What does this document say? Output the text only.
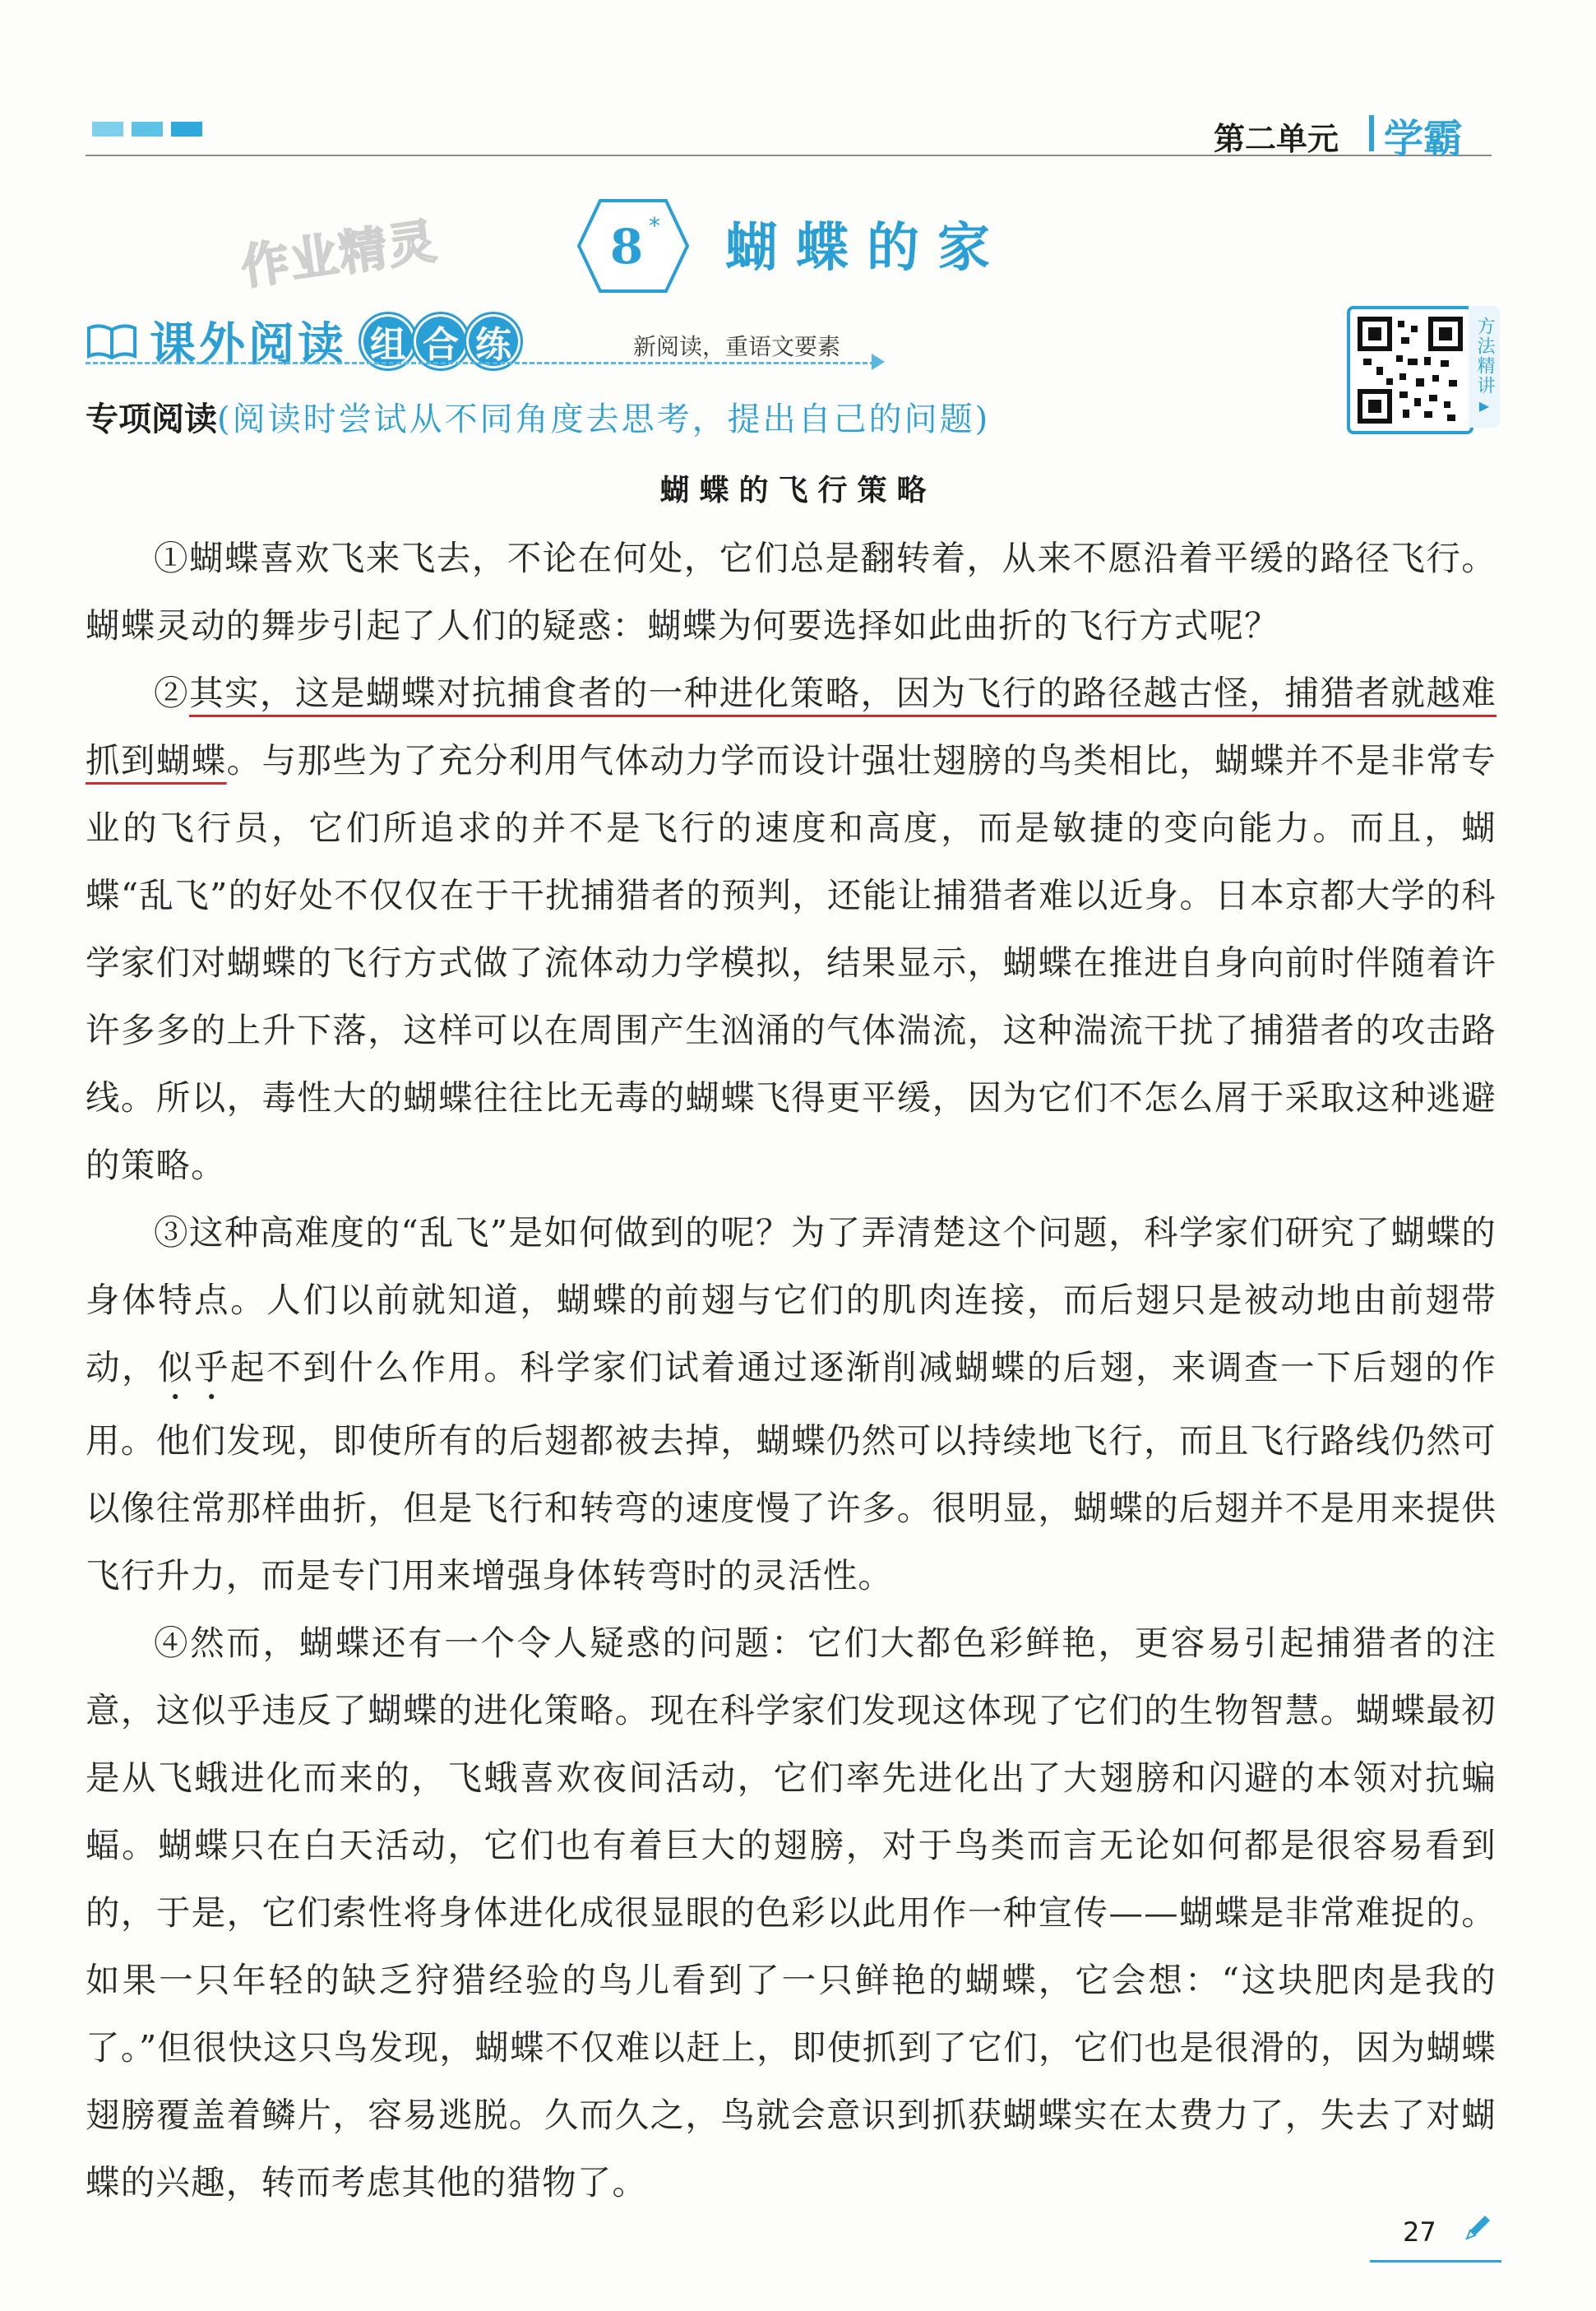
第二单元 学霸
作业精灵	8 * 蝴蝶的家
课外阅读 组 合 练	新阅读，重语文要素	方法精讲
▶
专项阅读(阅读时尝试从不同角度去思考，提出自己的问题)
蝴蝶的飞行策略

①蝴蝶喜欢飞来飞去，不论在何处，它们总是翻转着，从来不愿沿着平缓的路径飞行。蝴蝶灵动的舞步引起了人们的疑惑：蝴蝶为何要选择如此曲折的飞行方式呢？

②其实，这是蝴蝶对抗捕食者的一种进化策略，因为飞行的路径越古怪，捕猎者就越难抓到蝴蝶。与那些为了充分利用气体动力学而设计强壮翅膀的鸟类相比，蝴蝶并不是非常专业的飞行员，它们所追求的并不是飞行的速度和高度，而是敏捷的变向能力。而且，蝴蝶“乱飞”的好处不仅仅在于干扰捕猎者的预判，还能让捕猎者难以近身。日本京都大学的科学家们对蝴蝶的飞行方式做了流体动力学模拟，结果显示，蝴蝶在推进自身向前时伴随着许许多多的上升下落，这样可以在周围产生汹涌的气体湍流，这种湍流干扰了捕猎者的攻击路线。所以，毒性大的蝴蝶往往比无毒的蝴蝶飞得更平缓，因为它们不怎么屑于采取这种逃避的策略。

③这种高难度的“乱飞”是如何做到的呢？为了弄清楚这个问题，科学家们研究了蝴蝶的身体特点。人们以前就知道，蝴蝶的前翅与它们的肌肉连接，而后翅只是被动地由前翅带动，似乎起不到什么作用。科学家们试着通过逐渐削减蝴蝶的后翅，来调查一下后翅的作用。他们发现，即使所有的后翅都被去掉，蝴蝶仍然可以持续地飞行，而且飞行路线仍然可以像往常那样曲折，但是飞行和转弯的速度慢了许多。很明显，蝴蝶的后翅并不是用来提供飞行升力，而是专门用来增强身体转弯时的灵活性。

④然而，蝴蝶还有一个令人疑惑的问题：它们大都色彩鲜艳，更容易引起捕猎者的注意，这似乎违反了蝴蝶的进化策略。现在科学家们发现这体现了它们的生物智慧。蝴蝶最初是从飞蛾进化而来的，飞蛾喜欢夜间活动，它们率先进化出了大翅膀和闪避的本领对抗蝙蝠。蝴蝶只在白天活动，它们也有着巨大的翅膀，对于鸟类而言无论如何都是很容易看到的，于是，它们索性将身体进化成很显眼的色彩以此用作一种宣传——蝴蝶是非常难捉的。如果一只年轻的缺乏狩猎经验的鸟儿看到了一只鲜艳的蝴蝶，它会想：“这块肥肉是我的了。”但很快这只鸟发现，蝴蝶不仅难以赶上，即使抓到了它们，它们也是很滑的，因为蝴蝶翅膀覆盖着鳞片，容易逃脱。久而久之，鸟就会意识到抓获蝴蝶实在太费力了，失去了对蝴蝶的兴趣，转而考虑其他的猎物了。

27
